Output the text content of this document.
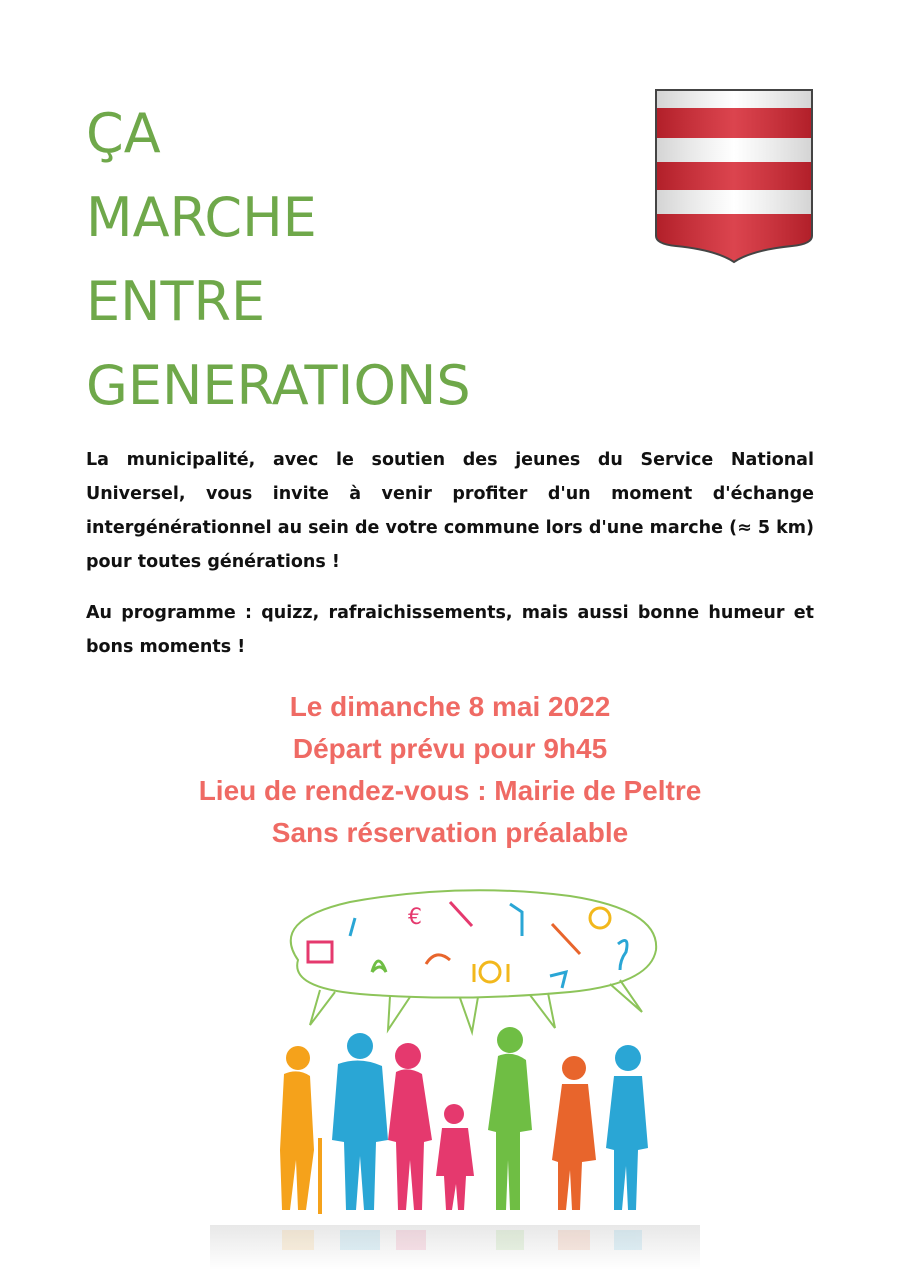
ÇA
MARCHE
ENTRE
GENERATIONS

La municipalité, avec le soutien des jeunes du Service National Universel, vous invite à venir profiter d'un moment d'échange intergénérationnel au sein de votre commune lors d'une marche (≈ 5 km) pour toutes générations !

Au programme : quizz, rafraichissements, mais aussi bonne humeur et bons moments !

Le dimanche 8 mai 2022
Départ prévu pour 9h45
Lieu de rendez-vous : Mairie de Peltre
Sans réservation préalable
€
